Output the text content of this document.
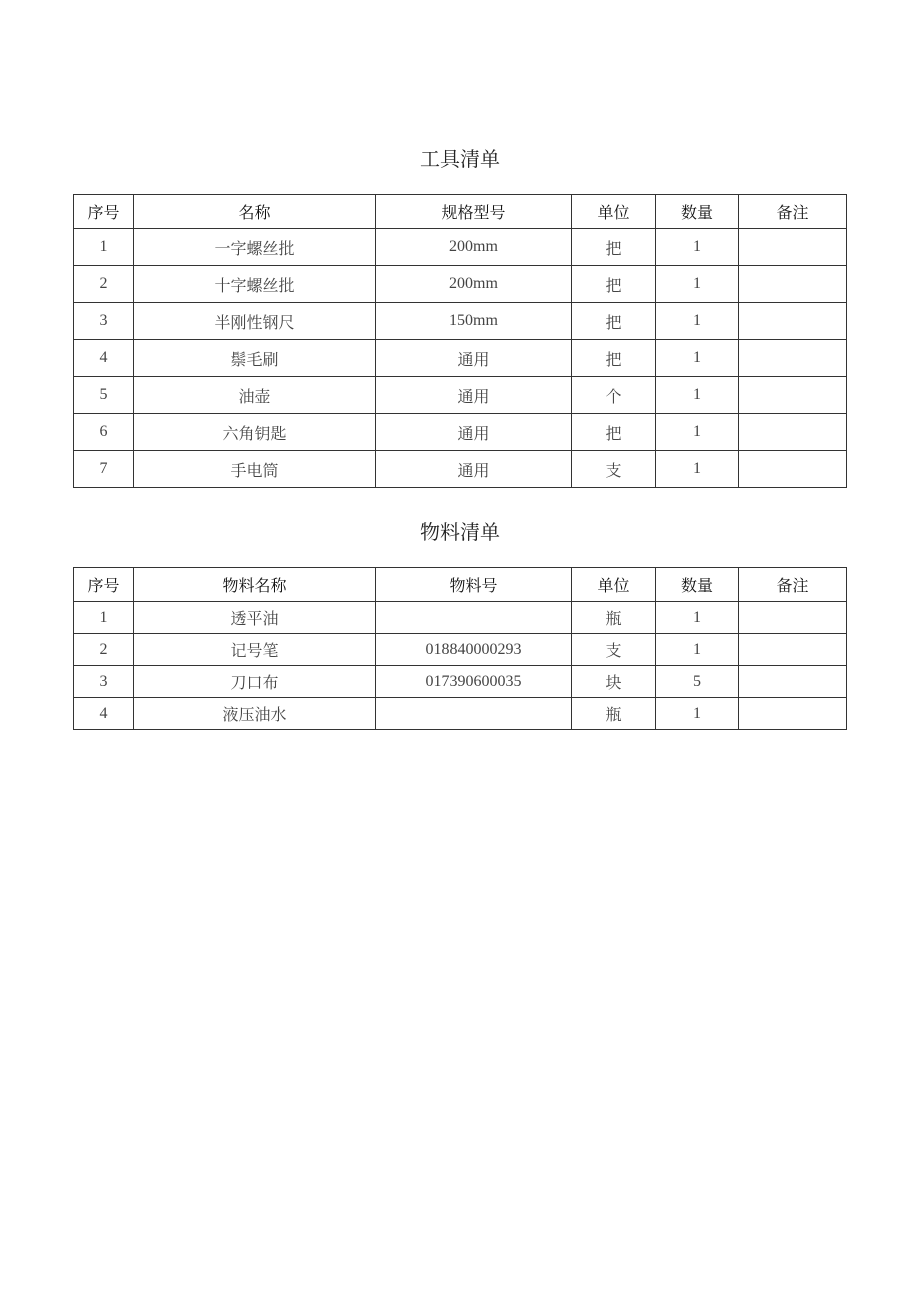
工具清单
序号	名称	规格型号	单位	数量	备注
1	一字螺丝批	200mm	把	1	
2	十字螺丝批	200mm	把	1	
3	半刚性钢尺	150mm	把	1	
4	鬃毛刷	通用	把	1	
5	油壶	通用	个	1	
6	六角钥匙	通用	把	1	
7	手电筒	通用	支	1	
物料清单
序号	物料名称	物料号	单位	数量	备注
1	透平油		瓶	1	
2	记号笔	018840000293	支	1	
3	刀口布	017390600035	块	5	
4	液压油水		瓶	1	
